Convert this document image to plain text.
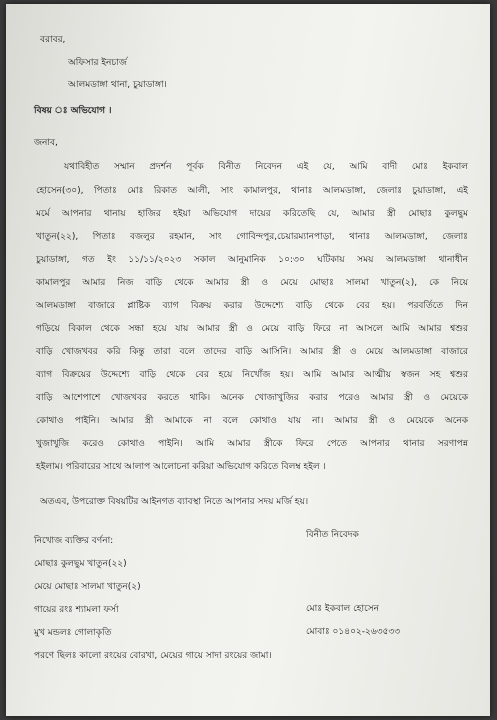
বরাবর,
অফিসার ইনচার্জ
আলমডাঙ্গা থানা, চুয়াডাঙ্গা।
বিষয় ঃ অভিযোগ ।
জনাব,
যথাবিহীত সম্মান প্রদর্শন পূর্বক বিনীত নিবেদন এই যে, আমি বাদী মোঃ ইকবাল
হোসেন(৩০), পিতাঃ মোঃ রিকাত আলী, সাং কামালপুর, থানাঃ আলমডাঙ্গা, জেলাঃ চুয়াডাঙ্গা, এই
মর্মে আপনার থানায় হাজির হইয়া অভিযোগ দায়ের করিতেছি যে, আমার স্ত্রী মোছাঃ কুলছুম
খাতুন(২২), পিতাঃ বজলুর রহমান, সাং গোবিন্দপুর,চেয়ারম্যানপাড়া, থানাঃ আলমডাঙ্গা, জেলাঃ
চুয়াডাঙ্গা, গত ইং ১১/১১/২০২৩ সকাল আনুমানিক ১০:৩০ ঘটিকায় সময় আলমডাঙ্গা থানাধীন
কামালপুর আমার নিজ বাড়ি থেকে আমার স্ত্রী ও মেয়ে মোছাঃ সালমা খাতুন(২), কে নিয়ে
আলমডাঙ্গা বাজারে প্লাষ্টিক ব্যাগ বিক্রয় করার উদ্দেশ্যে বাড়ি থেকে বের হয়। পরবর্তিতে দিন
গড়িয়ে বিকাল থেকে সন্ধা হয়ে যায় আমার স্ত্রী ও মেয়ে বাড়ি ফিরে না আসলে আমি আমার শ্বশুর
বাড়ি খোজখবর করি কিন্তু তারা বলে তাদের বাড়ি আসিনি। আমার স্ত্রী ও মেয়ে আলমডাঙ্গা বাজারে
ব্যাগ বিক্রয়ের উদ্দেশ্যে বাড়ি থেকে বের হয়ে নিখোঁজ হয়। আমি আমার আত্মীয় স্বজন সহ শ্বশুর
বাড়ি আশেপাশে খোজখবর করতে থাকি। অনেক খোজাখুজির করার পরেও আমার স্ত্রী ও মেয়েকে
কোথাও পাইনি। আমার স্ত্রী আমাকে না বলে কোথাও যায় না। আমার স্ত্রী ও মেয়েকে অনেক
খুজাখুজি করেও কোথাও পাইনি। আমি আমার স্ত্রীকে ফিরে পেতে আপনার থানার সরণাপন্ন
হইলাম। পরিবারের সাথে আলাপ আলোচনা করিয়া অভিযোগ করিতে বিলম্ব হইল ।
অতএব, উপরোক্ত বিষয়টির আইনগত ব্যাবস্থা নিতে আপনার সদয় মর্জি হয়।
নিখোজ ব্যক্তির বর্ণনা:
বিনীত নিবেদক
মোছাঃ কুলছুম খাতুন(২২)
মেয়ে মোছাঃ সালমা খাতুন(২)
গায়ের রংঃ শ্যামলা ফর্সা	মোঃ ইকবাল হোসেন
মুখ মন্ডলঃ গোলাকৃতি	মোবাঃ ০১৪০২-২৬৩৫৩৩
পরণে ছিলঃ কালো রংয়ের বোরখা, মেয়ের গায়ে সাদা রংয়ের জামা।
